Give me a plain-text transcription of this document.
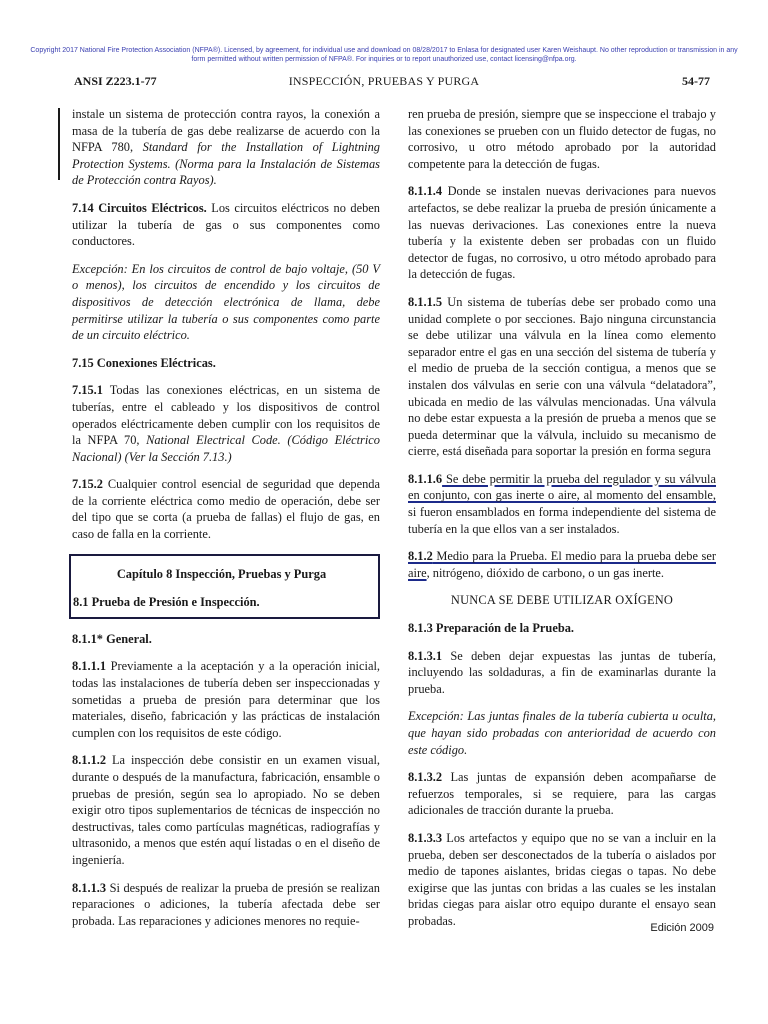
Copyright 2017 National Fire Protection Association (NFPA®). Licensed, by agreement, for individual use and download on 08/28/2017 to Enlasa for designated user Karen Weishaupt. No other reproduction or transmission in any
form permitted without written permission of NFPA®. For inquiries or to report unauthorized use, contact licensing@nfpa.org.
ANSI Z223.1-77	INSPECCIÓN, PRUEBAS Y PURGA	54-77

instale un sistema de protección contra rayos, la conexión a masa de la tubería de gas debe realizarse de acuerdo con la NFPA 780, Standard for the Installation of Lightning Protection Systems. (Norma para la Instalación de Sistemas de Protección contra Rayos).

7.14 Circuitos Eléctricos. Los circuitos eléctricos no deben utilizar la tubería de gas o sus componentes como conductores.

Excepción: En los circuitos de control de bajo voltaje, (50 V o menos), los circuitos de encendido y los circuitos de dispositivos de detección electrónica de llama, debe permitirse utilizar la tubería o sus componentes como parte de un circuito eléctrico.

7.15 Conexiones Eléctricas.

7.15.1 Todas las conexiones eléctricas, en un sistema de tuberías, entre el cableado y los dispositivos de control operados eléctricamente deben cumplir con los requisitos de la NFPA 70, National Electrical Code. (Código Eléctrico Nacional) (Ver la Sección 7.13.)

7.15.2 Cualquier control esencial de seguridad que dependa de la corriente eléctrica como medio de operación, debe ser del tipo que se corta (a prueba de fallas) el flujo de gas, en caso de falla en la corriente.

Capítulo 8 Inspección, Pruebas y Purga
8.1 Prueba de Presión e Inspección.
8.1.1* General.

8.1.1.1 Previamente a la aceptación y a la operación inicial, todas las instalaciones de tubería deben ser inspeccionadas y sometidas a prueba de presión para determinar que los materiales, diseño, fabricación y las prácticas de instalación cumplen con los requisitos de este código.

8.1.1.2 La inspección debe consistir en un examen visual, durante o después de la manufactura, fabricación, ensamble o pruebas de presión, según sea lo apropiado. No se deben exigir otro tipos suplementarios de técnicas de inspección no destructivas, tales como partículas magnéticas, radiografías y ultrasonido, a menos que estén aquí listadas o en el diseño de ingeniería.

8.1.1.3 Si después de realizar la prueba de presión se realizan reparaciones o adiciones, la tubería afectada debe ser probada. Las reparaciones y adiciones menores no requie-

ren prueba de presión, siempre que se inspeccione el trabajo y las conexiones se prueben con un fluido detector de fugas, no corrosivo, u otro método aprobado por la autoridad competente para la detección de fugas.

8.1.1.4 Donde se instalen nuevas derivaciones para nuevos artefactos, se debe realizar la prueba de presión únicamente a las nuevas derivaciones. Las conexiones entre la nueva tubería y la existente deben ser probadas con un fluido detector de fugas, no corrosivo, u otro método aprobado para la detección de fugas.

8.1.1.5 Un sistema de tuberías debe ser probado como una unidad complete o por secciones. Bajo ninguna circunstancia se debe utilizar una válvula en la línea como elemento separador entre el gas en una sección del sistema de tubería y el medio de prueba de la sección contigua, a menos que se instalen dos válvulas en serie con una válvula “delatadora”, ubicada en medio de las válvulas mencionadas. Una válvula no debe estar expuesta a la presión de prueba a menos que se pueda determinar que la válvula, incluido su mecanismo de cierre, está diseñada para soportar la presión en forma segura

8.1.1.6 Se debe permitir la prueba del regulador y su válvula en conjunto, con gas inerte o aire, al momento del ensamble, si fueron ensamblados en forma independiente del sistema de tubería en la que ellos van a ser instalados.

8.1.2 Medio para la Prueba. El medio para la prueba debe ser aire, nitrógeno, dióxido de carbono, o un gas inerte.

NUNCA SE DEBE UTILIZAR OXÍGENO

8.1.3 Preparación de la Prueba.

8.1.3.1 Se deben dejar expuestas las juntas de tubería, incluyendo las soldaduras, a fin de examinarlas durante la prueba.

Excepción: Las juntas finales de la tubería cubierta u oculta, que hayan sido probadas con anterioridad de acuerdo con este código.

8.1.3.2 Las juntas de expansión deben acompañarse de refuerzos temporales, si se requiere, para las cargas adicionales de tracción durante la prueba.

8.1.3.3 Los artefactos y equipo que no se van a incluir en la prueba, deben ser desconectados de la tubería o aislados por medio de tapones aislantes, bridas ciegas o tapas. No debe exigirse que las juntas con bridas a las cuales se les instalan bridas ciegas para aislar otro equipo durante el ensayo sean probadas.

Edición 2009
